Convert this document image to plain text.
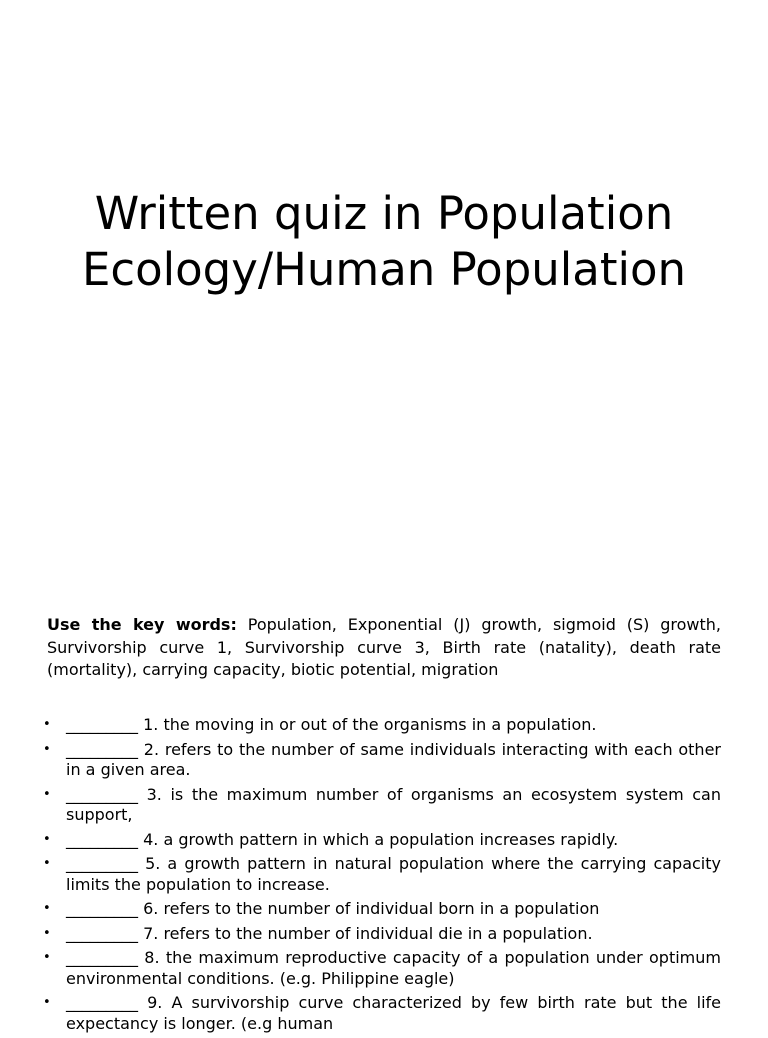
Written quiz in Population
Ecology/Human Population

Use the key words: Population, Exponential (J) growth, sigmoid (S) growth, Survivorship curve 1, Survivorship curve 3, Birth rate (natality), death rate (mortality), carrying capacity, biotic potential, migration

• _________ 1. the moving in or out of the organisms in a population.
• _________ 2. refers to the number of same individuals interacting with each other in a given area.
• _________ 3. is the maximum number of organisms an ecosystem system can support,
• _________ 4. a growth pattern in which a population increases rapidly.
• _________ 5. a growth pattern in natural population where the carrying capacity limits the population to increase.
• _________ 6. refers to the number of individual born in a population
• _________ 7. refers to the number of individual die in a population.
• _________ 8. the maximum reproductive capacity of a population under optimum environmental conditions. (e.g. Philippine eagle)
• _________ 9. A survivorship curve characterized by few birth rate but the life expectancy is longer. (e.g human
